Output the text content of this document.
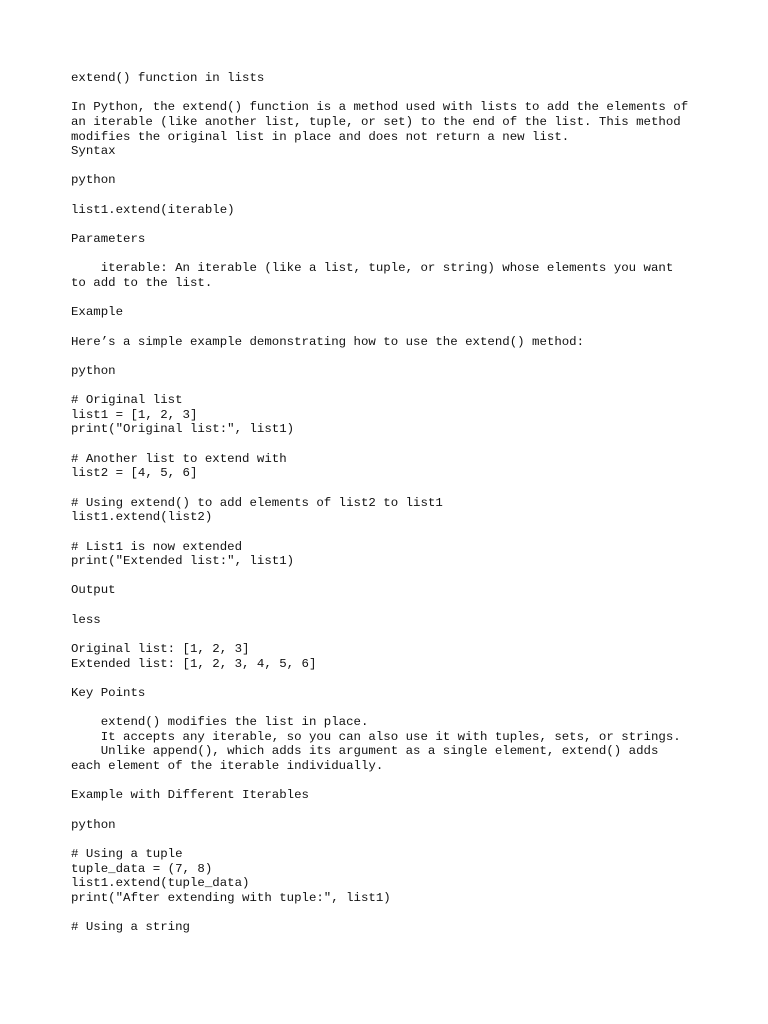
extend() function in lists
In Python, the extend() function is a method used with lists to add the elements of
an iterable (like another list, tuple, or set) to the end of the list. This method
modifies the original list in place and does not return a new list.
Syntax
python
list1.extend(iterable)
Parameters
iterable: An iterable (like a list, tuple, or string) whose elements you want
to add to the list.
Example
Here’s a simple example demonstrating how to use the extend() method:
python
# Original list
list1 = [1, 2, 3]
print("Original list:", list1)
# Another list to extend with
list2 = [4, 5, 6]
# Using extend() to add elements of list2 to list1
list1.extend(list2)
# List1 is now extended
print("Extended list:", list1)
Output
less
Original list: [1, 2, 3]
Extended list: [1, 2, 3, 4, 5, 6]
Key Points
extend() modifies the list in place.
It accepts any iterable, so you can also use it with tuples, sets, or strings.
Unlike append(), which adds its argument as a single element, extend() adds
each element of the iterable individually.
Example with Different Iterables
python
# Using a tuple
tuple_data = (7, 8)
list1.extend(tuple_data)
print("After extending with tuple:", list1)
# Using a string
